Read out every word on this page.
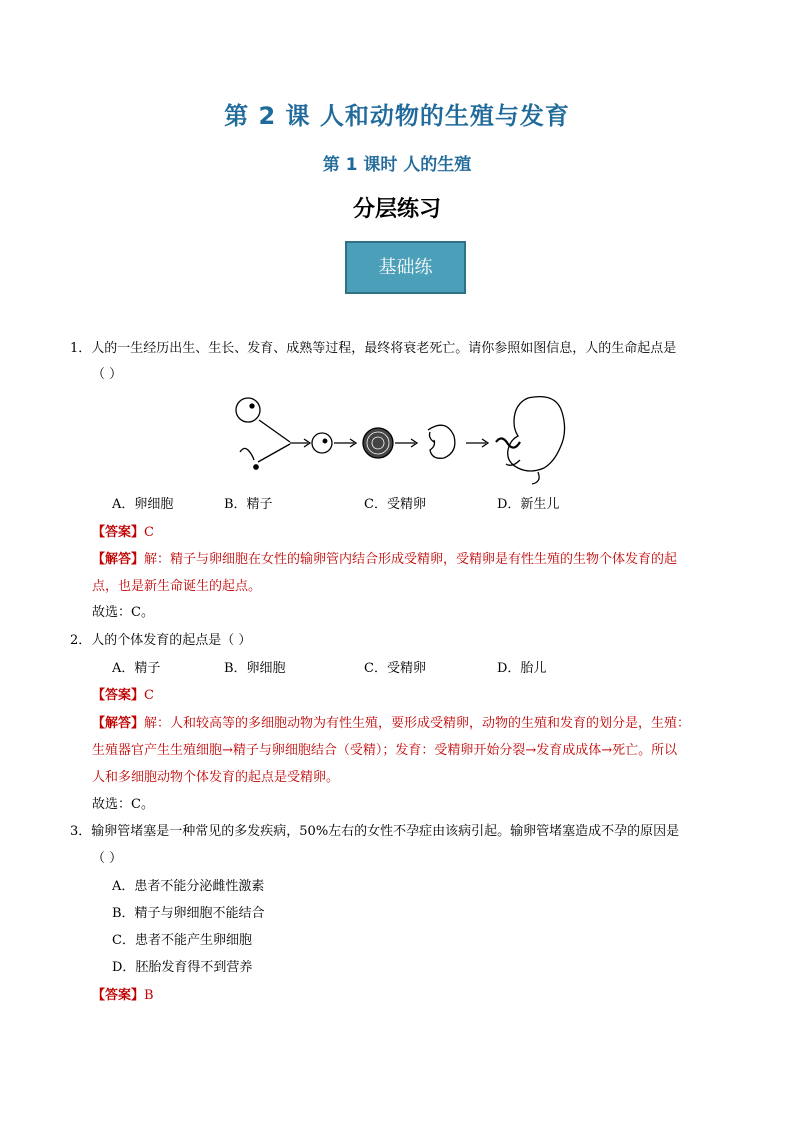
第 2 课 人和动物的生殖与发育
第 1 课时 人的生殖
分层练习
基础练
1．人的一生经历出生、生长、发育、成熟等过程，最终将衰老死亡。请你参照如图信息，人的生命起点是
（ ）
A．卵细胞	B．精子	C．受精卵	D．新生儿
【答案】C
【解答】解：精子与卵细胞在女性的输卵管内结合形成受精卵，受精卵是有性生殖的生物个体发育的起
点，也是新生命诞生的起点。
故选：C。
2．人的个体发育的起点是（ ）
A．精子	B．卵细胞	C．受精卵	D．胎儿
【答案】C
【解答】解：人和较高等的多细胞动物为有性生殖，要形成受精卵，动物的生殖和发育的划分是，生殖：
生殖器官产生生殖细胞→精子与卵细胞结合（受精）；发育：受精卵开始分裂→发育成成体→死亡。所以
人和多细胞动物个体发育的起点是受精卵。
故选：C。
3．输卵管堵塞是一种常见的多发疾病，50%左右的女性不孕症由该病引起。输卵管堵塞造成不孕的原因是
（ ）
A．患者不能分泌雌性激素
B．精子与卵细胞不能结合
C．患者不能产生卵细胞
D．胚胎发育得不到营养
【答案】B
